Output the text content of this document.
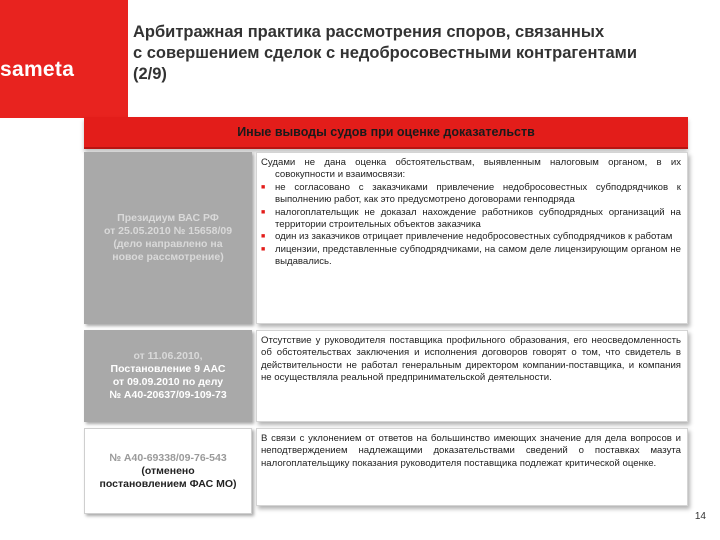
sameta
Арбитражная практика рассмотрения споров, связанных
с совершением сделок с недобросовестными контрагентами
(2/9)
Иные выводы судов при оценке доказательств
Президиум ВАС РФ
от 25.05.2010 № 15658/09
(дело направлено на
новое рассмотрение)

Судами не дана оценка обстоятельствам, выявленным налоговым органом, в их совокупности и взаимосвязи:

■ не согласовано с заказчиками привлечение недобросовестных субподрядчиков к выполнению работ, как это предусмотрено договорами генподряда
■ налогоплательщик не доказал нахождение работников субподрядных организаций на территории строительных объектов заказчика
■ один из заказчиков отрицает привлечение недобросовестных субподрядчиков к работам
■ лицензии, представленные субподрядчиками, на самом деле лицензирующим органом не выдавались.
от 11.06.2010,
Постановление 9 ААС
от 09.09.2010 по делу
№ А40-20637/09-109-73

Отсутствие у руководителя поставщика профильного образования, его неосведомленность об обстоятельствах заключения и исполнения договоров говорят о том, что свидетель в действительности не работал генеральным директором компании-поставщика, и компания не осуществляла реальной предпринимательской деятельности.

№ А40-69338/09-76-543
(отменено
постановлением ФАС МО)

В связи с уклонением от ответов на большинство имеющих значение для дела вопросов и неподтверждением надлежащими доказательствами сведений о поставках мазута налогоплательщику показания руководителя поставщика подлежат критической оценке.

14
